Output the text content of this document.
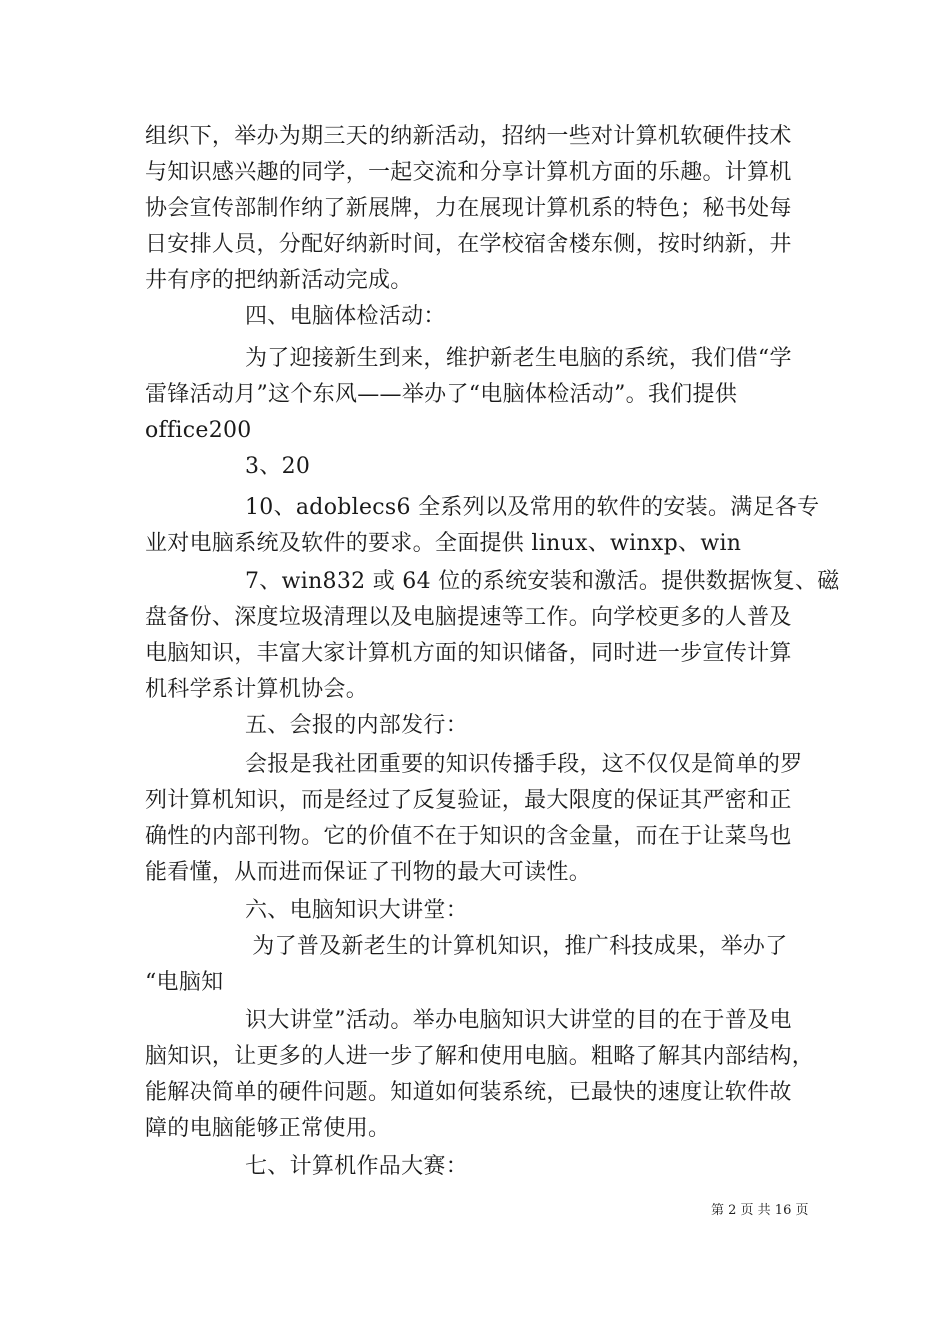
组织下，举办为期三天的纳新活动，招纳一些对计算机软硬件技术
与知识感兴趣的同学，一起交流和分享计算机方面的乐趣。计算机
协会宣传部制作纳了新展牌，力在展现计算机系的特色；秘书处每
日安排人员，分配好纳新时间，在学校宿舍楼东侧，按时纳新，井
井有序的把纳新活动完成。
四、电脑体检活动：
为了迎接新生到来，维护新老生电脑的系统，我们借“学
雷锋活动月”这个东风——举办了“电脑体检活动”。我们提供
office200
3、20
10、adoblecs6 全系列以及常用的软件的安装。满足各专
业对电脑系统及软件的要求。全面提供 linux、winxp、win
7、win832 或 64 位的系统安装和激活。提供数据恢复、磁
盘备份、深度垃圾清理以及电脑提速等工作。向学校更多的人普及
电脑知识，丰富大家计算机方面的知识储备，同时进一步宣传计算
机科学系计算机协会。
五、会报的内部发行：
会报是我社团重要的知识传播手段，这不仅仅是简单的罗
列计算机知识，而是经过了反复验证，最大限度的保证其严密和正
确性的内部刊物。它的价值不在于知识的含金量，而在于让菜鸟也
能看懂，从而进而保证了刊物的最大可读性。
六、电脑知识大讲堂：
为了普及新老生的计算机知识，推广科技成果，举办了
“电脑知
识大讲堂”活动。举办电脑知识大讲堂的目的在于普及电
脑知识，让更多的人进一步了解和使用电脑。粗略了解其内部结构，
能解决简单的硬件问题。知道如何装系统，已最快的速度让软件故
障的电脑能够正常使用。
七、计算机作品大赛：
第 2 页 共 16 页
